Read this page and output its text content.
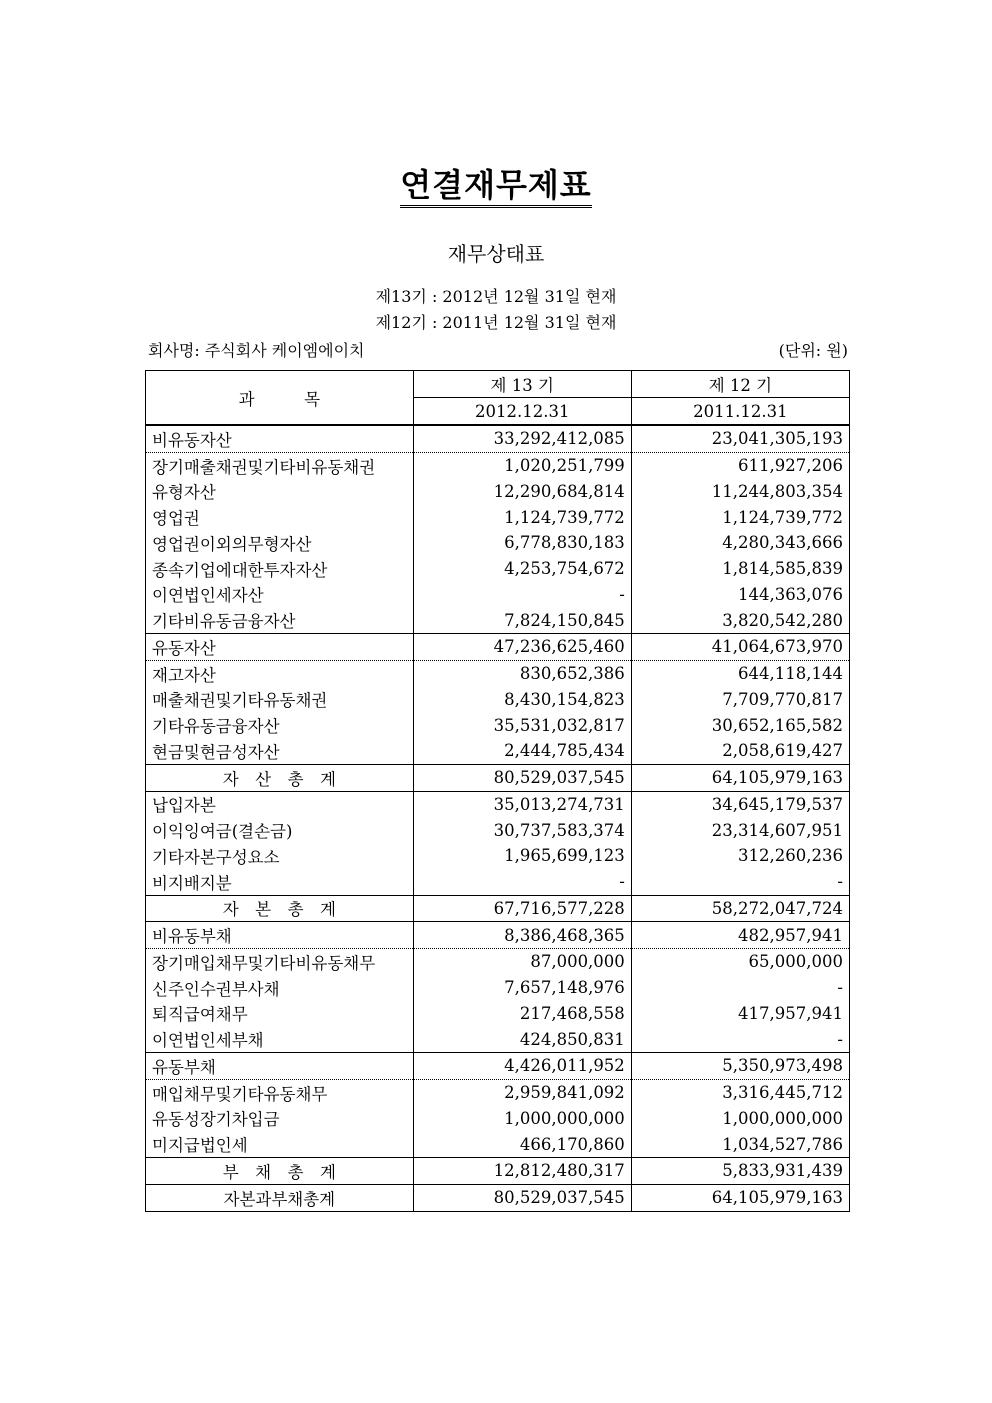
연결재무제표
재무상태표
제13기 : 2012년 12월 31일 현재
제12기 : 2011년 12월 31일 현재
회사명: 주식회사 케이엠에이치	(단위: 원)
과　　　목	제 13 기	제 12 기
	2012.12.31	2011.12.31
비유동자산	33,292,412,085	23,041,305,193
장기매출채권및기타비유동채권	1,020,251,799	611,927,206
유형자산	12,290,684,814	11,244,803,354
영업권	1,124,739,772	1,124,739,772
영업권이외의무형자산	6,778,830,183	4,280,343,666
종속기업에대한투자자산	4,253,754,672	1,814,585,839
이연법인세자산	-	144,363,076
기타비유동금융자산	7,824,150,845	3,820,542,280
유동자산	47,236,625,460	41,064,673,970
재고자산	830,652,386	644,118,144
매출채권및기타유동채권	8,430,154,823	7,709,770,817
기타유동금융자산	35,531,032,817	30,652,165,582
현금및현금성자산	2,444,785,434	2,058,619,427
자　산　총　계	80,529,037,545	64,105,979,163
납입자본	35,013,274,731	34,645,179,537
이익잉여금(결손금)	30,737,583,374	23,314,607,951
기타자본구성요소	1,965,699,123	312,260,236
비지배지분	-	-
자　본　총　계	67,716,577,228	58,272,047,724
비유동부채	8,386,468,365	482,957,941
장기매입채무및기타비유동채무	87,000,000	65,000,000
신주인수권부사채	7,657,148,976	-
퇴직급여채무	217,468,558	417,957,941
이연법인세부채	424,850,831	-
유동부채	4,426,011,952	5,350,973,498
매입채무및기타유동채무	2,959,841,092	3,316,445,712
유동성장기차입금	1,000,000,000	1,000,000,000
미지급법인세	466,170,860	1,034,527,786
부　채　총　계	12,812,480,317	5,833,931,439
자본과부채총계	80,529,037,545	64,105,979,163
